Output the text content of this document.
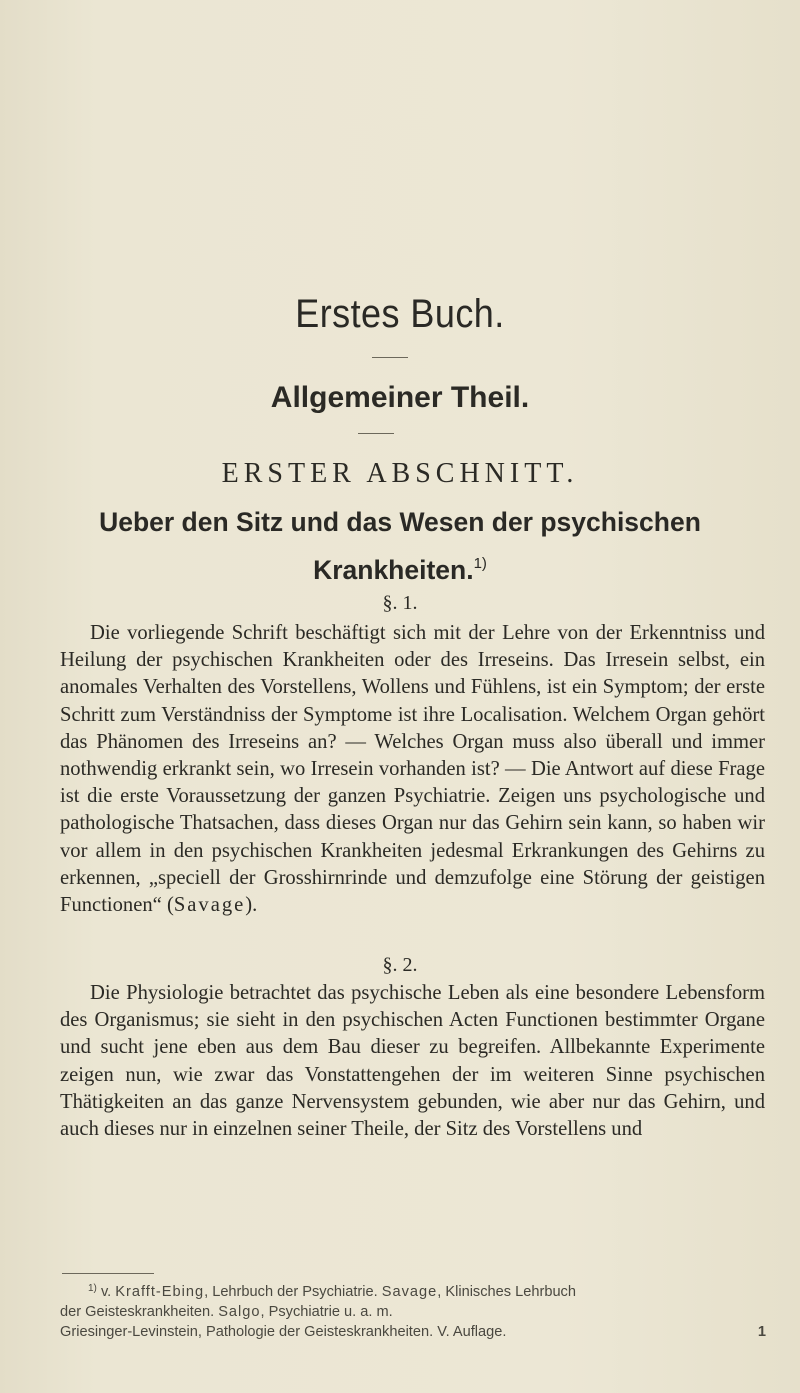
Erstes Buch.
Allgemeiner Theil.
ERSTER ABSCHNITT.
Ueber den Sitz und das Wesen der psychischen
Krankheiten.$^{1)}$
§. 1.

Die vorliegende Schrift beschäftigt sich mit der Lehre von der Erkenntniss und Heilung der psychischen Krankheiten oder des Irreseins. Das Irresein selbst, ein anomales Verhalten des Vorstellens, Wollens und Fühlens, ist ein Symptom; der erste Schritt zum Verständniss der Symptome ist ihre Localisation. Welchem Organ gehört das Phänomen des Irreseins an? — Welches Organ muss also überall und immer nothwendig erkrankt sein, wo Irresein vorhanden ist? — Die Antwort auf diese Frage ist die erste Voraussetzung der ganzen Psychiatrie. Zeigen uns psychologische und pathologische Thatsachen, dass dieses Organ nur das Gehirn sein kann, so haben wir vor allem in den psychischen Krankheiten jedesmal Erkrankungen des Gehirns zu erkennen, „speciell der Grosshirnrinde und demzufolge eine Störung der geistigen Functionen“ (Savage).

§. 2.

Die Physiologie betrachtet das psychische Leben als eine besondere Lebensform des Organismus; sie sieht in den psychischen Acten Functionen bestimmter Organe und sucht jene eben aus dem Bau dieser zu begreifen. Allbekannte Experimente zeigen nun, wie zwar das Vonstattengehen der im weiteren Sinne psychischen Thätigkeiten an das ganze Nervensystem gebunden, wie aber nur das Gehirn, und auch dieses nur in einzelnen seiner Theile, der Sitz des Vorstellens und

$^{1)}$ v. Krafft-Ebing, Lehrbuch der Psychiatrie. Savage, Klinisches Lehrbuch
der Geisteskrankheiten. Salgo, Psychiatrie u. a. m.
Griesinger-Levinstein, Pathologie der Geisteskrankheiten. V. Auflage.	1
